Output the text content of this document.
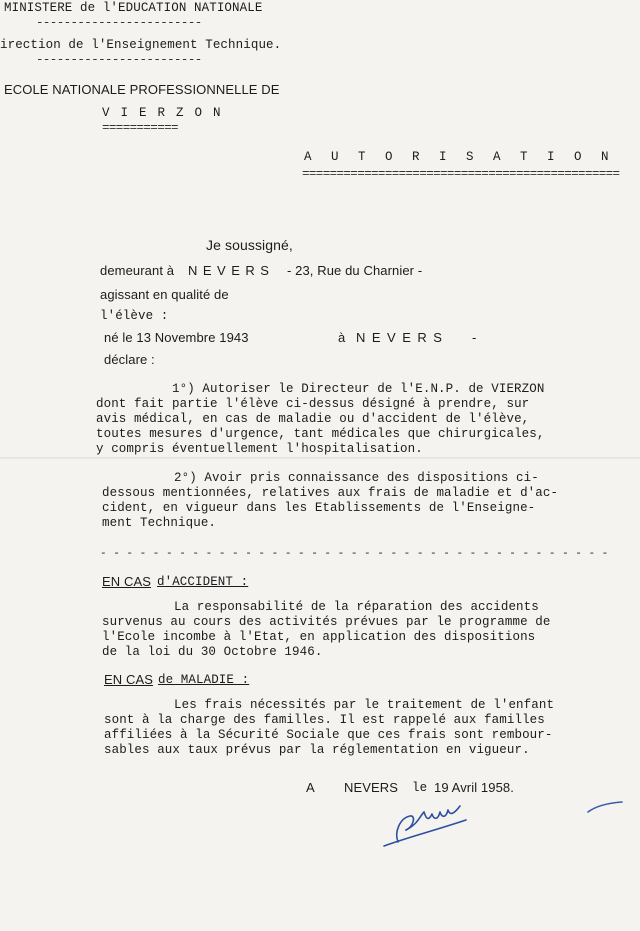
MINISTERE de l'EDUCATION NATIONALE
------------------------
irection de l'Enseignement Technique.
------------------------
ECOLE NATIONALE PROFESSIONNELLE DE
VIERZON
===========
AUTORISATION
==============================================
Je soussigné,
demeurant à NEVERS - 23, Rue du Charnier -
agissant en qualité de
l'élève :
né le 13 Novembre 1943	à NEVERS -
déclare :
1°) Autoriser le Directeur de l'E.N.P. de VIERZON
dont fait partie l'élève ci-dessus désigné à prendre, sur
avis médical, en cas de maladie ou d'accident de l'élève,
toutes mesures d'urgence, tant médicales que chirurgicales,
y compris éventuellement l'hospitalisation.
2°) Avoir pris connaissance des dispositions ci-
dessous mentionnées, relatives aux frais de maladie et d'ac-
cident, en vigueur dans les Etablissements de l'Enseigne-
ment Technique.
- - - - - - - - - - - - - - - - - - - - - - - - - - - - - - - - - - - - - - -
EN CAS d'ACCIDENT :
La responsabilité de la réparation des accidents
survenus au cours des activités prévues par le programme de
l'Ecole incombe à l'Etat, en application des dispositions
de la loi du 30 Octobre 1946.
EN CAS de MALADIE :
Les frais nécessités par le traitement de l'enfant
sont à la charge des familles. Il est rappelé aux familles
affiliées à la Sécurité Sociale que ces frais sont rembour-
sables aux taux prévus par la réglementation en vigueur.
A NEVERS le 19 Avril 1958.
